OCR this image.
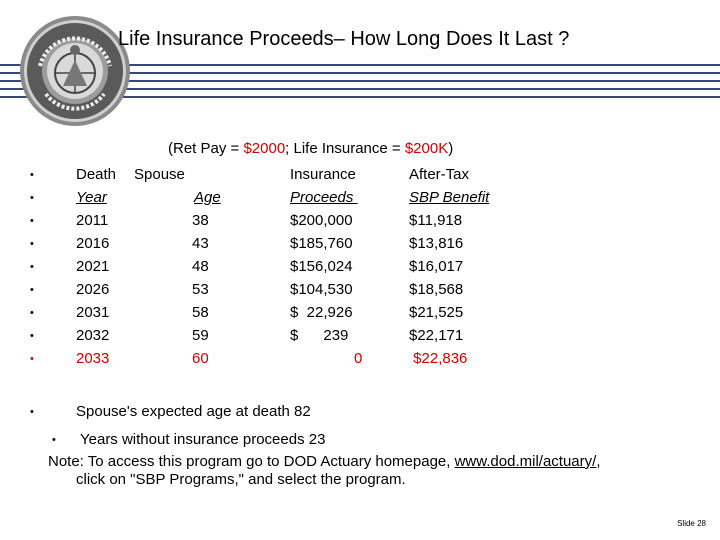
Life Insurance Proceeds– How Long Does It Last ?
(Ret Pay = $2000; Life Insurance = $200K)
•	Death Spouse	Insurance	After-Tax
•	Year	Age	Proceeds	SBP Benefit
•	2011	38	$200,000	$11,918
•	2016	43	$185,760	$13,816
•	2021	48	$156,024	$16,017
•	2026	53	$104,530	$18,568
•	2031	58	$  22,926	$21,525
•	2032	59	$      239	$22,171
•	2033	60	0	$22,836
•	Spouse's expected age at death 82
• Years without insurance proceeds 23
Note: To access this program go to DOD Actuary homepage, www.dod.mil/actuary/,
click on "SBP Programs," and select the program.
Slide 28
